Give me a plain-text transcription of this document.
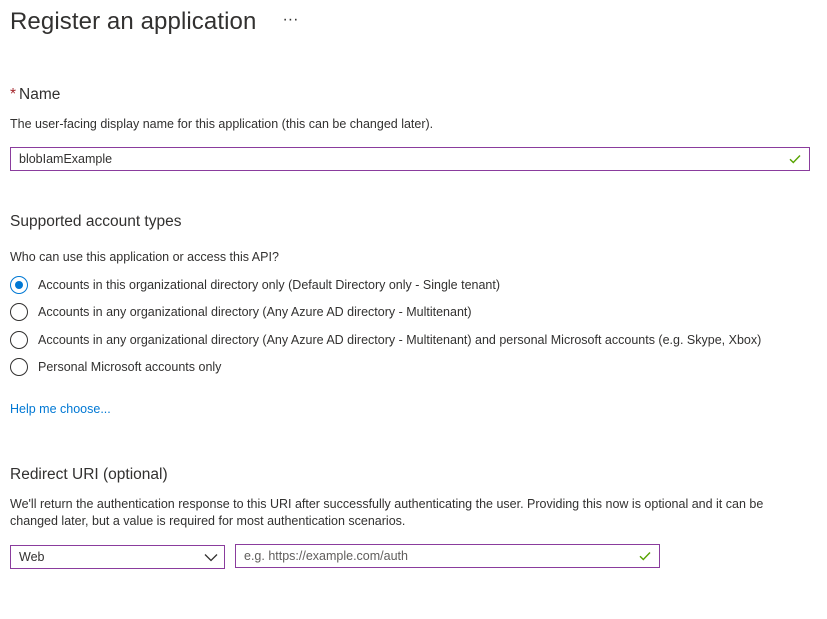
Register an application ···
* Name
The user-facing display name for this application (this can be changed later).
blobIamExample
Supported account types
Who can use this application or access this API?
Accounts in this organizational directory only (Default Directory only - Single tenant)
Accounts in any organizational directory (Any Azure AD directory - Multitenant)
Accounts in any organizational directory (Any Azure AD directory - Multitenant) and personal Microsoft accounts (e.g. Skype, Xbox)
Personal Microsoft accounts only
Help me choose...
Redirect URI (optional)
We'll return the authentication response to this URI after successfully authenticating the user. Providing this now is optional and it can be
changed later, but a value is required for most authentication scenarios.
Web	e.g. https://example.com/auth
